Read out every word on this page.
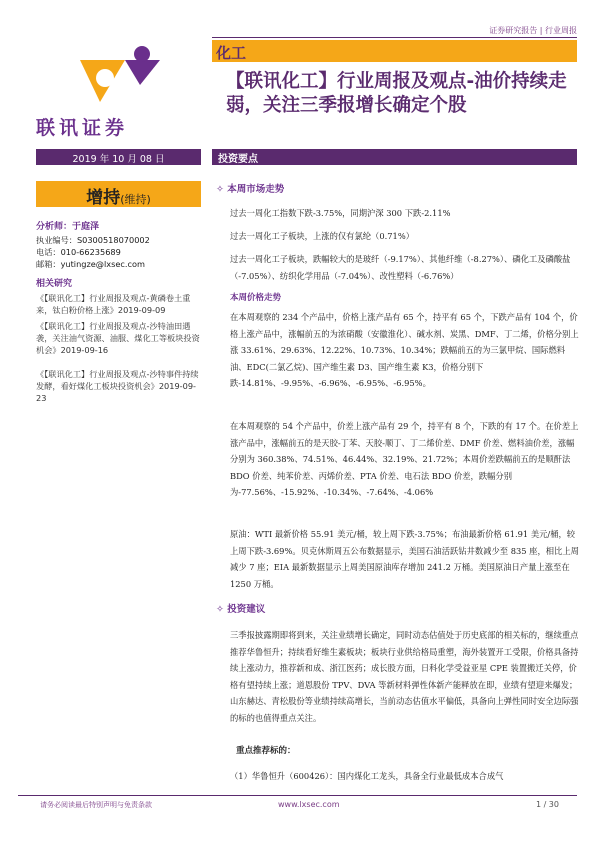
证券研究报告 | 行业周报
联讯证券
化工
【联讯化工】行业周报及观点-油价持续走弱，关注三季报增长确定个股
2019 年 10 月 08 日	投资要点
增持(维持)
分析师：于庭泽
执业编号：S0300518070002
电话：010-66235689
邮箱：yutingze@lxsec.com
相关研究
《【联讯化工】行业周报及观点-黄磷卷土重来，钛白粉价格上涨》2019-09-09
《【联讯化工】行业周报及观点-沙特油田遇袭，关注油气资源、油服、煤化工等板块投资机会》2019-09-16
《【联讯化工】行业周报及观点-沙特事件持续发酵，看好煤化工板块投资机会》2019-09-23
✧ 本周市场走势
过去一周化工指数下跌-3.75%，同期沪深 300 下跌-2.11%
过去一周化工子板块，上涨的仅有氯纶（0.71%）
过去一周化工子板块，跌幅较大的是玻纤（-9.17%）、其他纤维（-8.27%）、磷化工及磷酸盐（-7.05%）、纺织化学用品（-7.04%）、改性塑料（-6.76%）
本周价格走势
在本周观察的 234 个产品中，价格上涨产品有 65 个，持平有 65 个，下跌产品有 104 个，价格上涨产品中，涨幅前五的为浓硝酸（安徽淮化）、碱水剂、炭黑、DMF、丁二烯，价格分别上涨 33.61%、29.63%、12.22%、10.73%、10.34%；跌幅前五的为三氯甲烷、国际燃料油、EDC(二氯乙烷)、国产维生素 D3、国产维生素 K3，价格分别下跌-14.81%、-9.95%、-6.96%、-6.95%、-6.95%。
在本周观察的 54 个产品中，价差上涨产品有 29 个，持平有 8 个，下跌的有 17 个。在价差上涨产品中，涨幅前五的是天胶-丁苯、天胶-顺丁、丁二烯价差、DMF 价差、燃料油价差，涨幅分别为 360.38%、74.51%、46.44%、32.19%、21.72%；本周价差跌幅前五的是顺酐法 BDO 价差、纯苯价差、丙烯价差、PTA 价差、电石法 BDO 价差，跌幅分别为-77.56%、-15.92%、-10.34%、-7.64%、-4.06%
原油：WTI 最新价格 55.91 美元/桶，较上周下跌-3.75%；布油最新价格 61.91 美元/桶，较上周下跌-3.69%。贝克休斯周五公布数据显示，美国石油活跃钻井数减少至 835 座，相比上周减少 7 座；EIA 最新数据显示上周美国原油库存增加 241.2 万桶。美国原油日产量上涨至在 1250 万桶。
✧ 投资建议
三季报披露期即将到来，关注业绩增长确定，同时动态估值处于历史底部的相关标的，继续重点推荐华鲁恒升；持续看好维生素板块；板块行业供给格局重塑，海外装置开工受限，价格具备持续上涨动力，推荐新和成、浙江医药；成长股方面，日科化学受益亚星 CPE 装置搬迁关停，价格有望持续上涨；道恩股份 TPV、DVA 等新材料弹性体新产能释放在即，业绩有望迎来爆发；山东赫达、青松股份等业绩持续高增长，当前动态估值水平偏低，具备向上弹性同时安全边际强的标的也值得重点关注。
重点推荐标的：
（1）华鲁恒升（600426）：国内煤化工龙头，具备全行业最低成本合成气
请务必阅读最后特别声明与免责条款	www.lxsec.com	1 / 30
